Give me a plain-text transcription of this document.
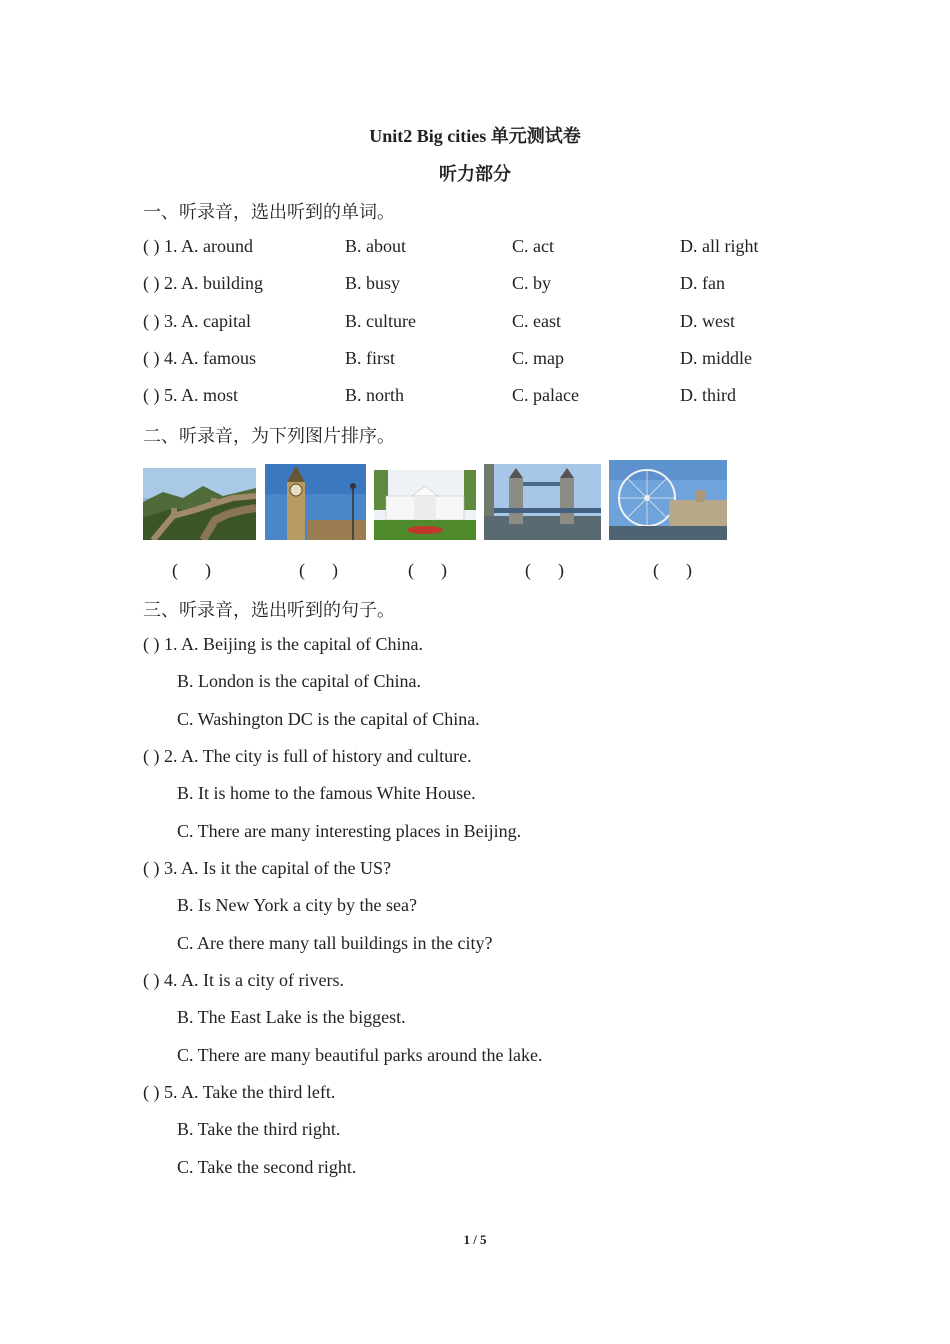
Unit2 Big cities 单元测试卷
听力部分
一、听录音，选出听到的单词。
( ) 1. A. around	B. about	C. act	D. all right
( ) 2. A. building	B. busy	C. by	D. fan
( ) 3. A. capital	B. culture	C. east	D. west
( ) 4. A. famous	B. first	C. map	D. middle
( ) 5. A. most	B. north	C. palace	D. third
二、听录音，为下列图片排序。
(      )	(      )	(      )	(      )	(      )
三、听录音，选出听到的句子。
( ) 1. A. Beijing is the capital of China.
B. London is the capital of China.
C. Washington DC is the capital of China.
( ) 2. A. The city is full of history and culture.
B. It is home to the famous White House.
C. There are many interesting places in Beijing.
( ) 3. A. Is it the capital of the US?
B. Is New York a city by the sea?
C. Are there many tall buildings in the city?
( ) 4. A. It is a city of rivers.
B. The East Lake is the biggest.
C. There are many beautiful parks around the lake.
( ) 5. A. Take the third left.
B. Take the third right.
C. Take the second right.
1 / 5
